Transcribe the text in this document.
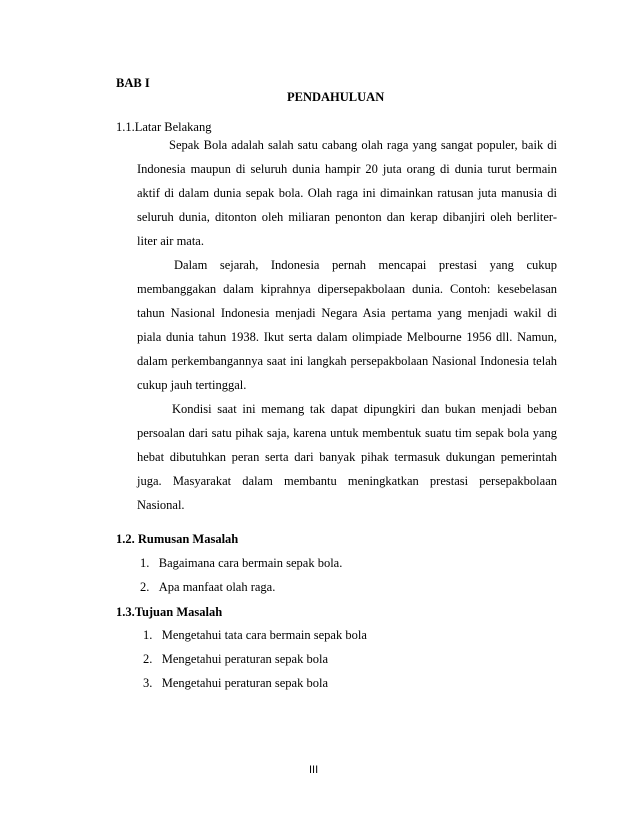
BAB I
PENDAHULUAN
1.1.Latar Belakang
Sepak Bola adalah salah satu cabang olah raga yang sangat populer, baik di
Indonesia maupun di seluruh dunia hampir 20 juta orang di dunia turut bermain
aktif di dalam dunia sepak bola. Olah raga ini dimainkan ratusan juta manusia di
seluruh dunia, ditonton oleh miliaran penonton dan kerap dibanjiri oleh berliter-
liter air mata.
Dalam sejarah, Indonesia pernah mencapai prestasi yang cukup
membanggakan dalam kiprahnya dipersepakbolaan dunia. Contoh: kesebelasan
tahun Nasional Indonesia menjadi Negara Asia pertama yang menjadi wakil di
piala dunia tahun 1938. Ikut serta dalam olimpiade Melbourne 1956 dll. Namun,
dalam perkembangannya saat ini langkah persepakbolaan Nasional Indonesia telah
cukup jauh tertinggal.
Kondisi saat ini memang tak dapat dipungkiri dan bukan menjadi beban
persoalan dari satu pihak saja, karena untuk membentuk suatu tim sepak bola yang
hebat dibutuhkan peran serta dari banyak pihak termasuk dukungan pemerintah
juga. Masyarakat dalam membantu meningkatkan prestasi persepakbolaan
Nasional.
1.2. Rumusan Masalah
1. Bagaimana cara bermain sepak bola.
2. Apa manfaat olah raga.
1.3.Tujuan Masalah
1. Mengetahui tata cara bermain sepak bola
2. Mengetahui peraturan sepak bola
3. Mengetahui peraturan sepak bola
III
